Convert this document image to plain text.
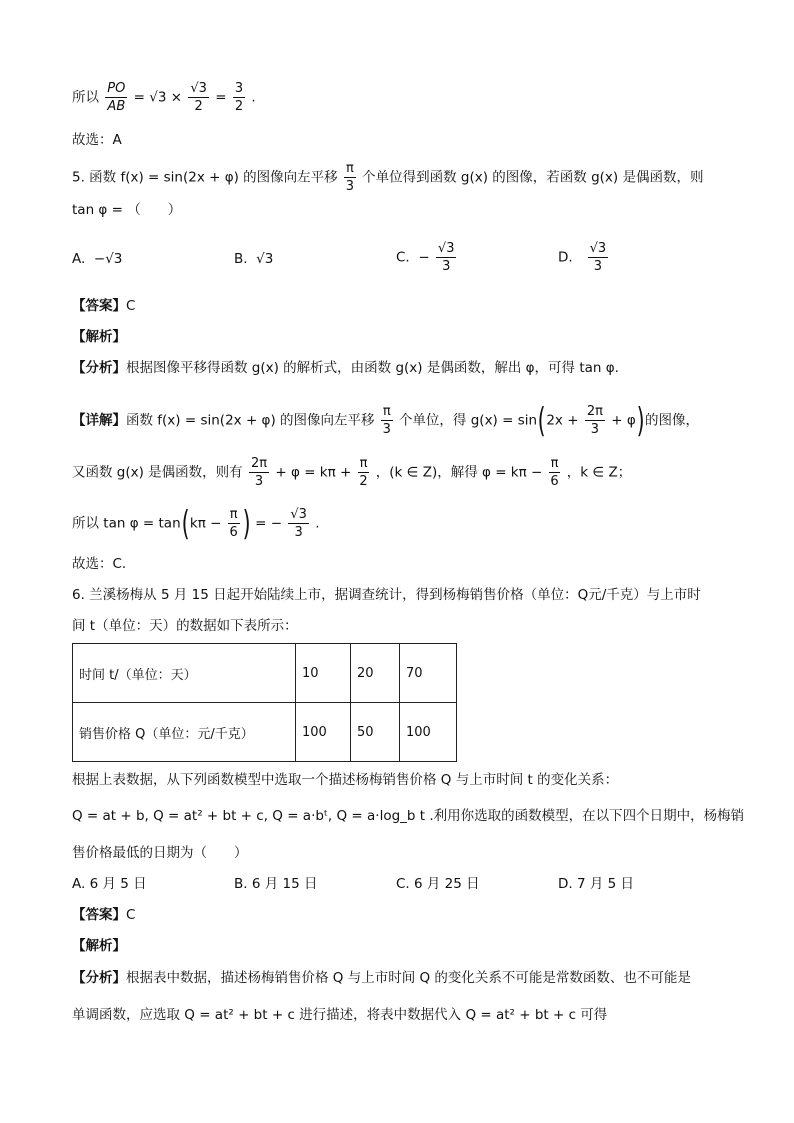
所以 $\frac{PO}{AB} = √3 \times \frac{√3}{2} = \frac{3}{2}$ .
故选：A
5. 函数 f(x) = sin(2x + φ) 的图像向左平移 $\frac{\pi}{3}$ 个单位得到函数 g(x) 的图像，若函数 g(x) 是偶函数，则
tan φ = （　　）
A. −√3	B. √3	C. − $\frac{√3}{3}$	D. $\frac{√3}{3}$
【答案】C
【解析】
【分析】根据图像平移得函数 g(x) 的解析式，由函数 g(x) 是偶函数，解出 φ，可得 tan φ.
【详解】函数 f(x) = sin(2x + φ) 的图像向左平移 $\frac{\pi}{3}$ 个单位，得 $g(x) = \sin(2x + \frac{2\pi}{3} + \varphi)$的图像，
又函数 g(x) 是偶函数，则有 $\frac{2\pi}{3} + \varphi = k\pi + \frac{\pi}{2}$ ，(k ∈ Z)，解得 $\varphi = k\pi - \frac{\pi}{6}$ ，k ∈ Z；
所以 $\tan \varphi = \tan(k\pi - \frac{\pi}{6}$ ) = − $\frac{√3}{3}$ .
故选：C.
6. 兰溪杨梅从 5 月 15 日起开始陆续上市，据调查统计，得到杨梅销售价格（单位：Q元/千克）与上市时
间 t（单位：天）的数据如下表所示：
时间 t/（单位：天）	10	20	70
销售价格 Q（单位：元/千克）	100	50	100
根据上表数据，从下列函数模型中选取一个描述杨梅销售价格 Q 与上市时间 t 的变化关系：
Q = at + b, Q = at² + bt + c, Q = a·bᵗ, Q = a·log_b t .利用你选取的函数模型，在以下四个日期中，杨梅销
售价格最低的日期为（　　）
A. 6 月 5 日	B. 6 月 15 日	C. 6 月 25 日	D. 7 月 5 日
【答案】C
【解析】
【分析】根据表中数据，描述杨梅销售价格 Q 与上市时间 Q 的变化关系不可能是常数函数、也不可能是
单调函数，应选取 Q = at² + bt + c 进行描述，将表中数据代入 Q = at² + bt + c 可得
